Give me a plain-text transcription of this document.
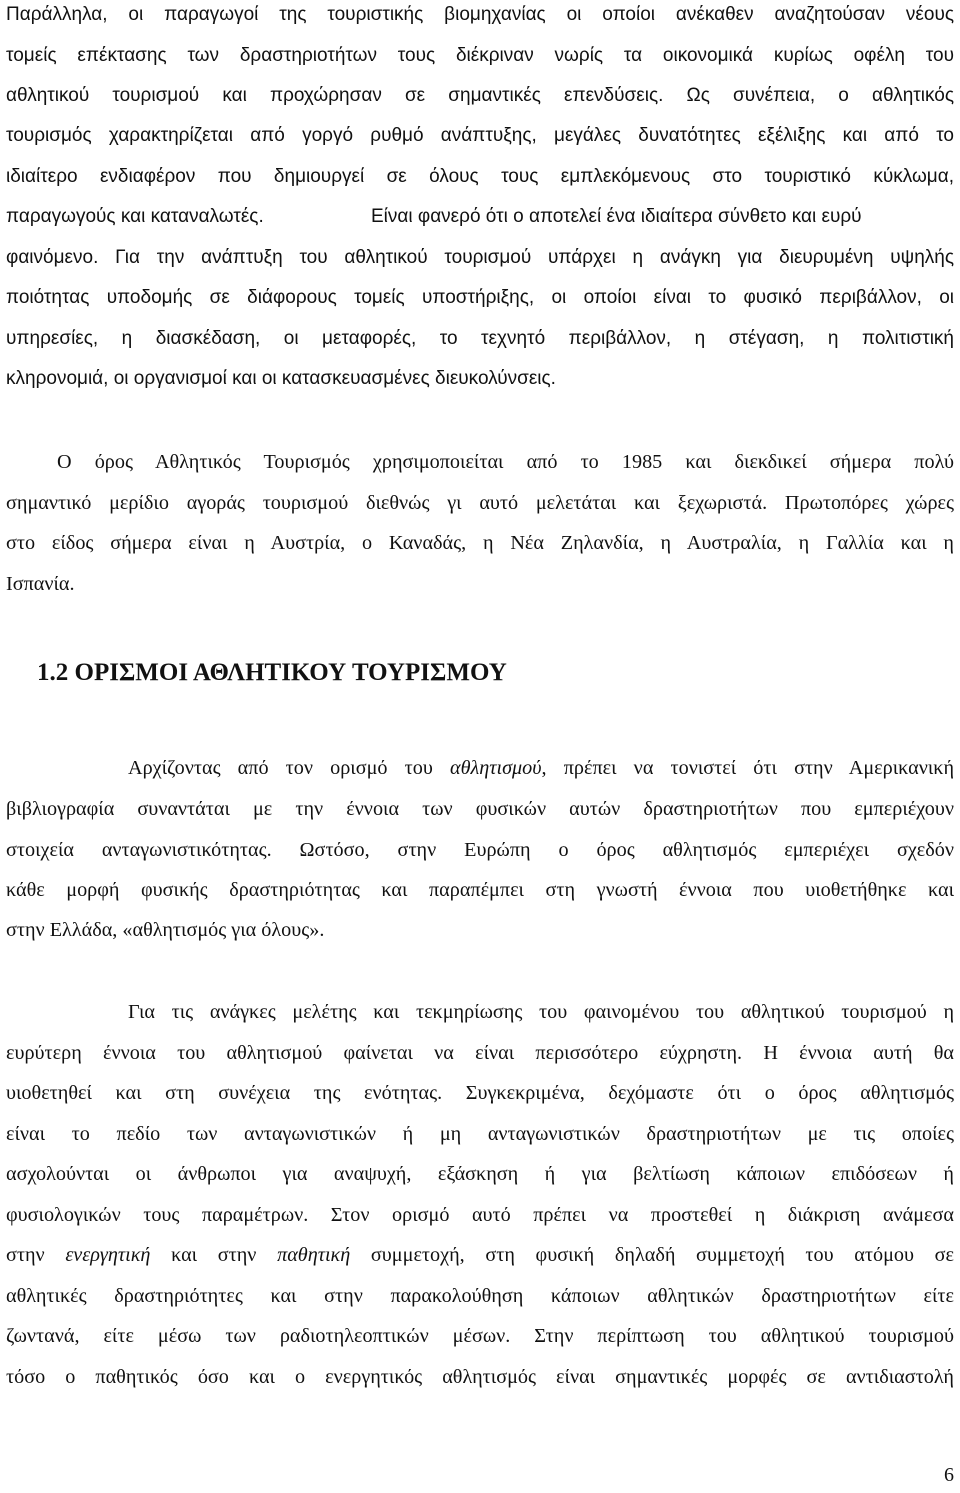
Παράλληλα, οι παραγωγοί της τουριστικής βιομηχανίας οι οποίοι ανέκαθεν αναζητούσαν νέους
τομείς επέκτασης των δραστηριοτήτων τους διέκριναν νωρίς τα οικονομικά κυρίως οφέλη του
αθλητικού τουρισμού και προχώρησαν σε σημαντικές επενδύσεις. Ως συνέπεια, ο αθλητικός
τουρισμός χαρακτηρίζεται από γοργό ρυθμό ανάπτυξης, μεγάλες δυνατότητες εξέλιξης και από το
ιδιαίτερο ενδιαφέρον που δημιουργεί σε όλους τους εμπλεκόμενους στο τουριστικό κύκλωμα,
παραγωγούς και καταναλωτές.	Είναι φανερό ότι ο αποτελεί ένα ιδιαίτερα σύνθετο και ευρύ
φαινόμενο. Για την ανάπτυξη του αθλητικού τουρισμού υπάρχει η ανάγκη για διευρυμένη υψηλής
ποιότητας υποδομής σε διάφορους τομείς υποστήριξης, οι οποίοι είναι το φυσικό περιβάλλον, οι
υπηρεσίες, η διασκέδαση, οι μεταφορές, το τεχνητό περιβάλλον, η στέγαση, η πολιτιστική
κληρονομιά, οι οργανισμοί και οι κατασκευασμένες διευκολύνσεις.
Ο όρος Αθλητικός Τουρισμός χρησιμοποιείται από το 1985 και διεκδικεί σήμερα πολύ
σημαντικό μερίδιο αγοράς τουρισμού διεθνώς γι αυτό μελετάται και ξεχωριστά. Πρωτοπόρες χώρες
στο είδος σήμερα είναι η Αυστρία, ο Καναδάς, η Νέα Ζηλανδία, η Αυστραλία, η Γαλλία και η
Ισπανία.
1.2 ΟΡΙΣΜΟΙ ΑΘΛΗΤΙΚΟΥ ΤΟΥΡΙΣΜΟΥ
Αρχίζοντας από τον ορισμό του αθλητισμού, πρέπει να τονιστεί ότι στην Αμερικανική
βιβλιογραφία συναντάται με την έννοια των φυσικών αυτών δραστηριοτήτων που εμπεριέχουν
στοιχεία ανταγωνιστικότητας. Ωστόσο, στην Ευρώπη ο όρος αθλητισμός εμπεριέχει σχεδόν
κάθε μορφή φυσικής δραστηριότητας και παραπέμπει στη γνωστή έννοια που υιοθετήθηκε και
στην Ελλάδα, «αθλητισμός για όλους».
Για τις ανάγκες μελέτης και τεκμηρίωσης του φαινομένου του αθλητικού τουρισμού η
ευρύτερη έννοια του αθλητισμού φαίνεται να είναι περισσότερο εύχρηστη. Η έννοια αυτή θα
υιοθετηθεί και στη συνέχεια της ενότητας. Συγκεκριμένα, δεχόμαστε ότι ο όρος αθλητισμός
είναι το πεδίο των ανταγωνιστικών ή μη ανταγωνιστικών δραστηριοτήτων με τις οποίες
ασχολούνται οι άνθρωποι για αναψυχή, εξάσκηση ή για βελτίωση κάποιων επιδόσεων ή
φυσιολογικών τους παραμέτρων. Στον ορισμό αυτό πρέπει να προστεθεί η διάκριση ανάμεσα
στην ενεργητική και στην παθητική συμμετοχή, στη φυσική δηλαδή συμμετοχή του ατόμου σε
αθλητικές δραστηριότητες και στην παρακολούθηση κάποιων αθλητικών δραστηριοτήτων είτε
ζωντανά, είτε μέσω των ραδιοτηλεοπτικών μέσων. Στην περίπτωση του αθλητικού τουρισμού
τόσο ο παθητικός όσο και ο ενεργητικός αθλητισμός είναι σημαντικές μορφές σε αντιδιαστολή
6
